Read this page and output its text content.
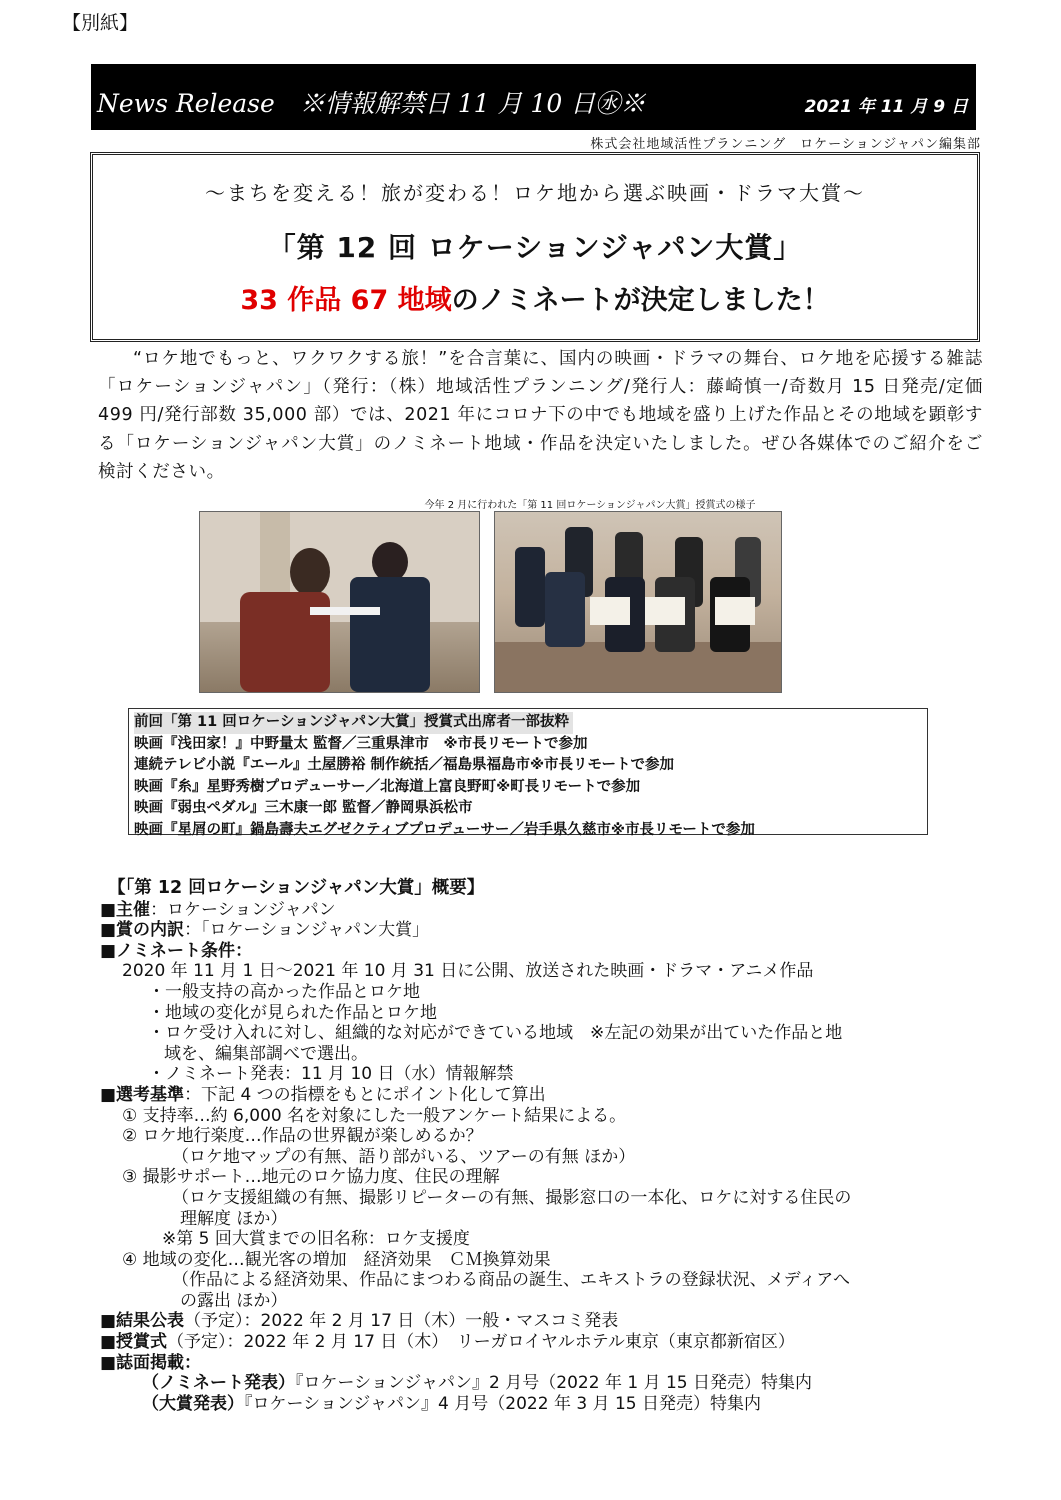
【別紙】
News Release　※情報解禁日 11 月 10 日㊌※	2021 年 11 月 9 日
株式会社地域活性プランニング　ロケーションジャパン編集部
～まちを変える！旅が変わる！ロケ地から選ぶ映画・ドラマ大賞～
「第 12 回 ロケーションジャパン大賞」
33 作品 67 地域のノミネートが決定しました！
“ロケ地でもっと、ワクワクする旅！”を合言葉に、国内の映画・ドラマの舞台、ロケ地を応援する雑誌「ロケーションジャパン」（発行：（株）地域活性プランニング/発行人：藤崎慎一/奇数月 15 日発売/定価 499 円/発行部数 35,000 部）では、2021 年にコロナ下の中でも地域を盛り上げた作品とその地域を顕彰する「ロケーションジャパン大賞」のノミネート地域・作品を決定いたしました。ぜひ各媒体でのご紹介をご検討ください。
今年 2 月に行われた「第 11 回ロケーションジャパン大賞」授賞式の様子
前回「第 11 回ロケーションジャパン大賞」授賞式出席者一部抜粋
映画『浅田家！』中野量太 監督／三重県津市　※市長リモートで参加
連続テレビ小説『エール』土屋勝裕 制作統括／福島県福島市※市長リモートで参加
映画『糸』星野秀樹プロデューサー／北海道上富良野町※町長リモートで参加
映画『弱虫ペダル』三木康一郎 監督／静岡県浜松市
映画『星屑の町』鍋島壽夫エグゼクティブプロデューサー／岩手県久慈市※市長リモートで参加
【「第 12 回ロケーションジャパン大賞」概要】
■主催：ロケーションジャパン
■賞の内訳：「ロケーションジャパン大賞」
■ノミネート条件：
2020 年 11 月 1 日～2021 年 10 月 31 日に公開、放送された映画・ドラマ・アニメ作品
・一般支持の高かった作品とロケ地
・地域の変化が見られた作品とロケ地
・ロケ受け入れに対し、組織的な対応ができている地域　※左記の効果が出ていた作品と地
域を、編集部調べで選出。
・ノミネート発表：11 月 10 日（水）情報解禁
■選考基準：下記 4 つの指標をもとにポイント化して算出
① 支持率…約 6,000 名を対象にした一般アンケート結果による。
② ロケ地行楽度…作品の世界観が楽しめるか？
（ロケ地マップの有無、語り部がいる、ツアーの有無 ほか）
③ 撮影サポート…地元のロケ協力度、住民の理解
（ロケ支援組織の有無、撮影リピーターの有無、撮影窓口の一本化、ロケに対する住民の
理解度 ほか）
※第 5 回大賞までの旧名称：ロケ支援度
④ 地域の変化…観光客の増加　経済効果　ＣＭ換算効果
（作品による経済効果、作品にまつわる商品の誕生、エキストラの登録状況、メディアへ
の露出 ほか）
■結果公表（予定）：2022 年 2 月 17 日（木）一般・マスコミ発表
■授賞式（予定）：2022 年 2 月 17 日（木）　リーガロイヤルホテル東京（東京都新宿区）
■誌面掲載：
（ノミネート発表）『ロケーションジャパン』2 月号（2022 年 1 月 15 日発売）特集内
（大賞発表）『ロケーションジャパン』4 月号（2022 年 3 月 15 日発売）特集内
